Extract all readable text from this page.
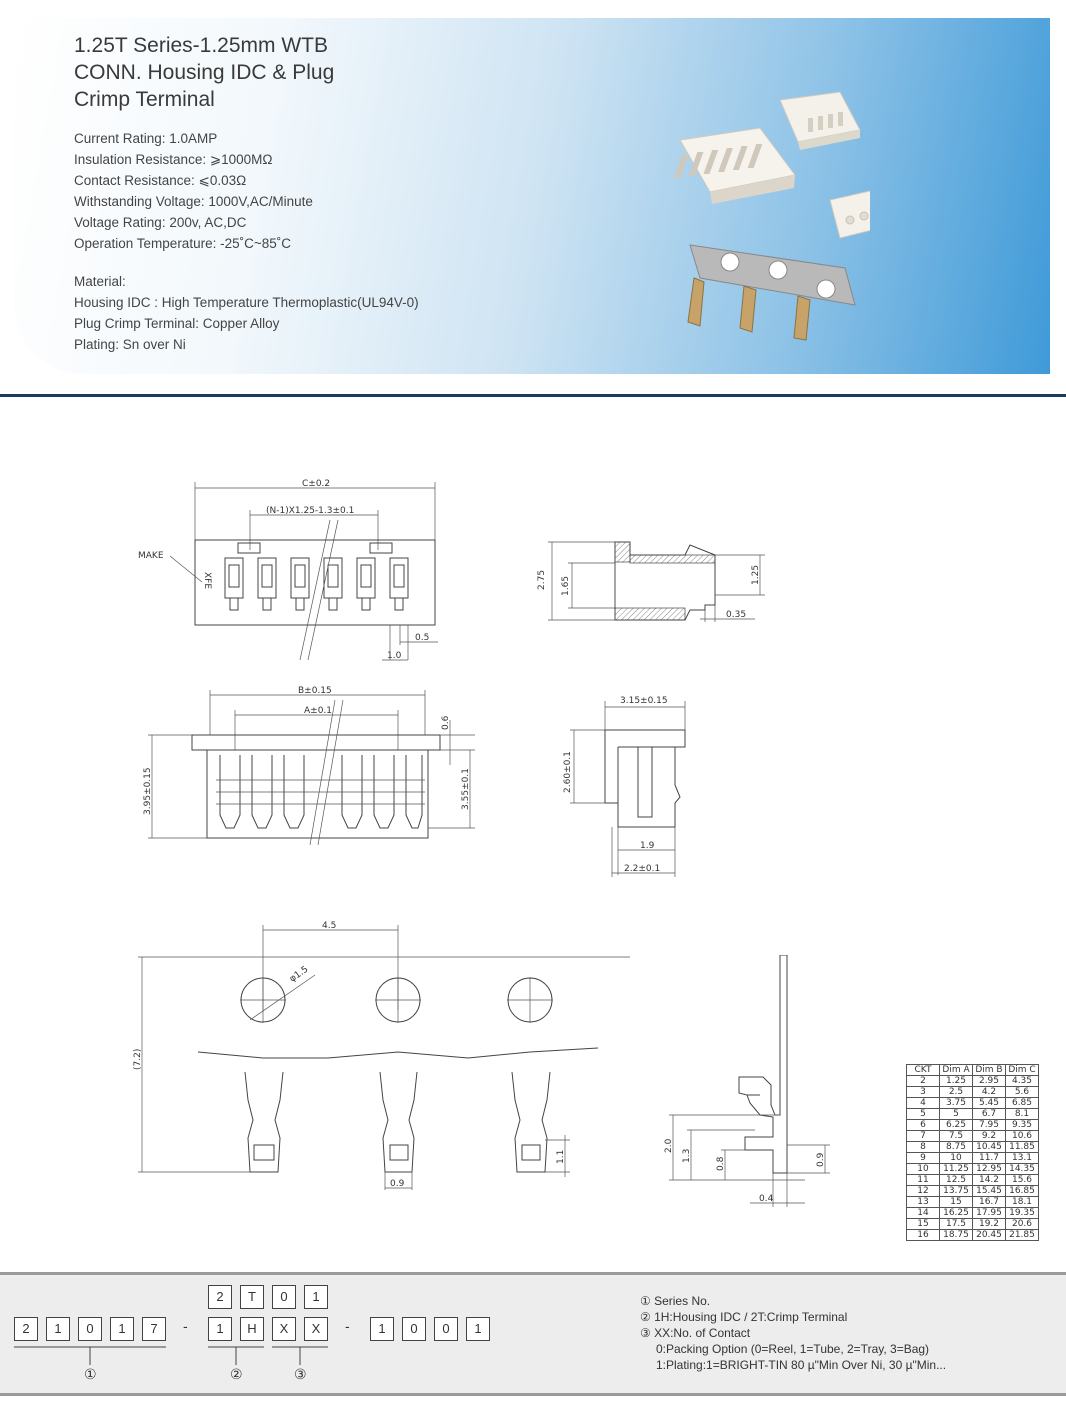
1.25T Series-1.25mm WTB
CONN. Housing IDC & Plug
Crimp Terminal
Current Rating: 1.0AMP
Insulation Resistance: ⩾1000MΩ
Contact Resistance: ⩽0.03Ω
Withstanding Voltage: 1000V,AC/Minute
Voltage Rating: 200v, AC,DC
Operation Temperature: -25˚C~85˚C
Material:
Housing IDC : High Temperature Thermoplastic(UL94V-0)
Plug Crimp Terminal: Copper Alloy
Plating: Sn over Ni
C±0.2
(N-1)X1.25-1.3±0.1
MAKE
XFE
0.5
1.0
2.75 1.65
1.25
0.35
B±0.15
A±0.1
3.95±0.15
0.6
3.55±0.1
3.15±0.15
2.60±0.1
1.9
2.2±0.1
4.5
φ1.5
(7.2)
0.9
1.1
2.0
1.3
0.8	0.9
0.4
CKT	Dim A	Dim B	Dim C
2	1.25	2.95	4.35
3	2.5	4.2	5.6
4	3.75	5.45	6.85
5	5	6.7	8.1
6	6.25	7.95	9.35
7	7.5	9.2	10.6
8	8.75	10.45	11.85
9	10	11.7	13.1
10	11.25	12.95	14.35
11	12.5	14.2	15.6
12	13.75	15.45	16.85
13	15	16.7	18.1
14	16.25	17.95	19.35
15	17.5	19.2	20.6
16	18.75	20.45	21.85
2	T	0	1
2	1	0	1	7	-	1	H	X	X	-	1	0	0	1
①	②	③
① Series No.
② 1H:Housing IDC / 2T:Crimp Terminal
③ XX:No. of Contact
0:Packing Option (0=Reel, 1=Tube, 2=Tray, 3=Bag)
1:Plating:1=BRIGHT-TIN 80 µ"Min Over Ni, 30 µ"Min...
